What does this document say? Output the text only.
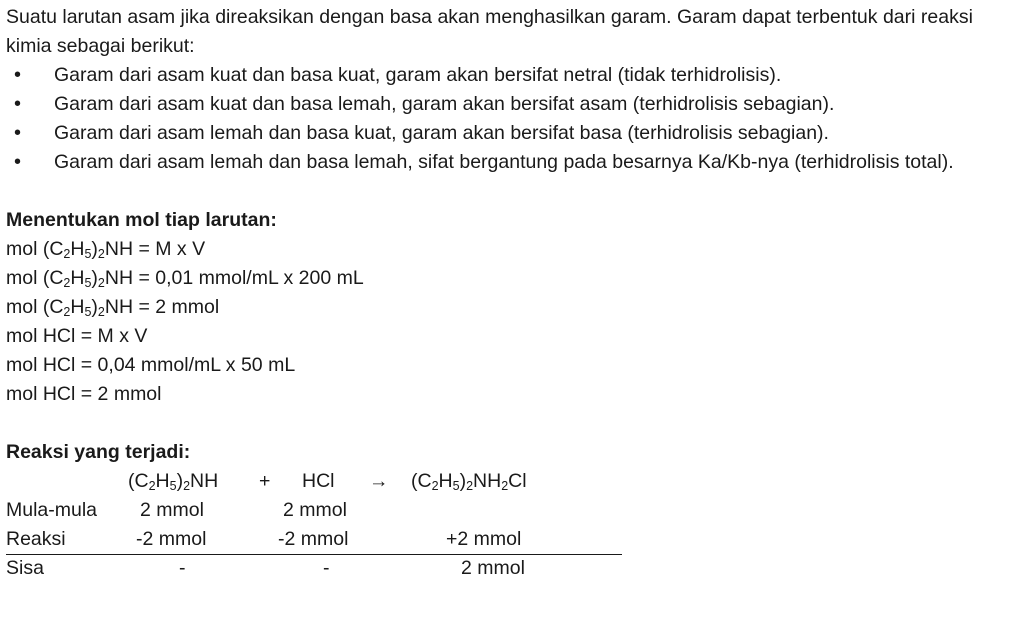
Suatu larutan asam jika direaksikan dengan basa akan menghasilkan garam. Garam dapat terbentuk dari reaksi kimia sebagai berikut:

• Garam dari asam kuat dan basa kuat, garam akan bersifat netral (tidak terhidrolisis).
• Garam dari asam kuat dan basa lemah, garam akan bersifat asam (terhidrolisis sebagian).
• Garam dari asam lemah dan basa kuat, garam akan bersifat basa (terhidrolisis sebagian).
• Garam dari asam lemah dan basa lemah, sifat bergantung pada besarnya Ka/Kb-nya (terhidrolisis total).

Menentukan mol tiap larutan:

mol $(C_2H_5)_2NH = M$ x V

mol $(C_2H_5)_2NH = 0,01$ mmol/mL x 200 mL

mol $(C_2H_5)_2NH = 2$ mmol

mol HCl = M x V

mol HCl = 0,04 mmol/mL x 50 mL

mol HCl = 2 mmol

Reaksi yang terjadi:

$(C_2H_5)_2NH$ + HCl → $(C_2H_5)_2NH_2Cl$
Mula-mula 2 mmol	2 mmol
Reaksi	-2 mmol	-2 mmol	+2 mmol
Sisa	-	-	2 mmol
